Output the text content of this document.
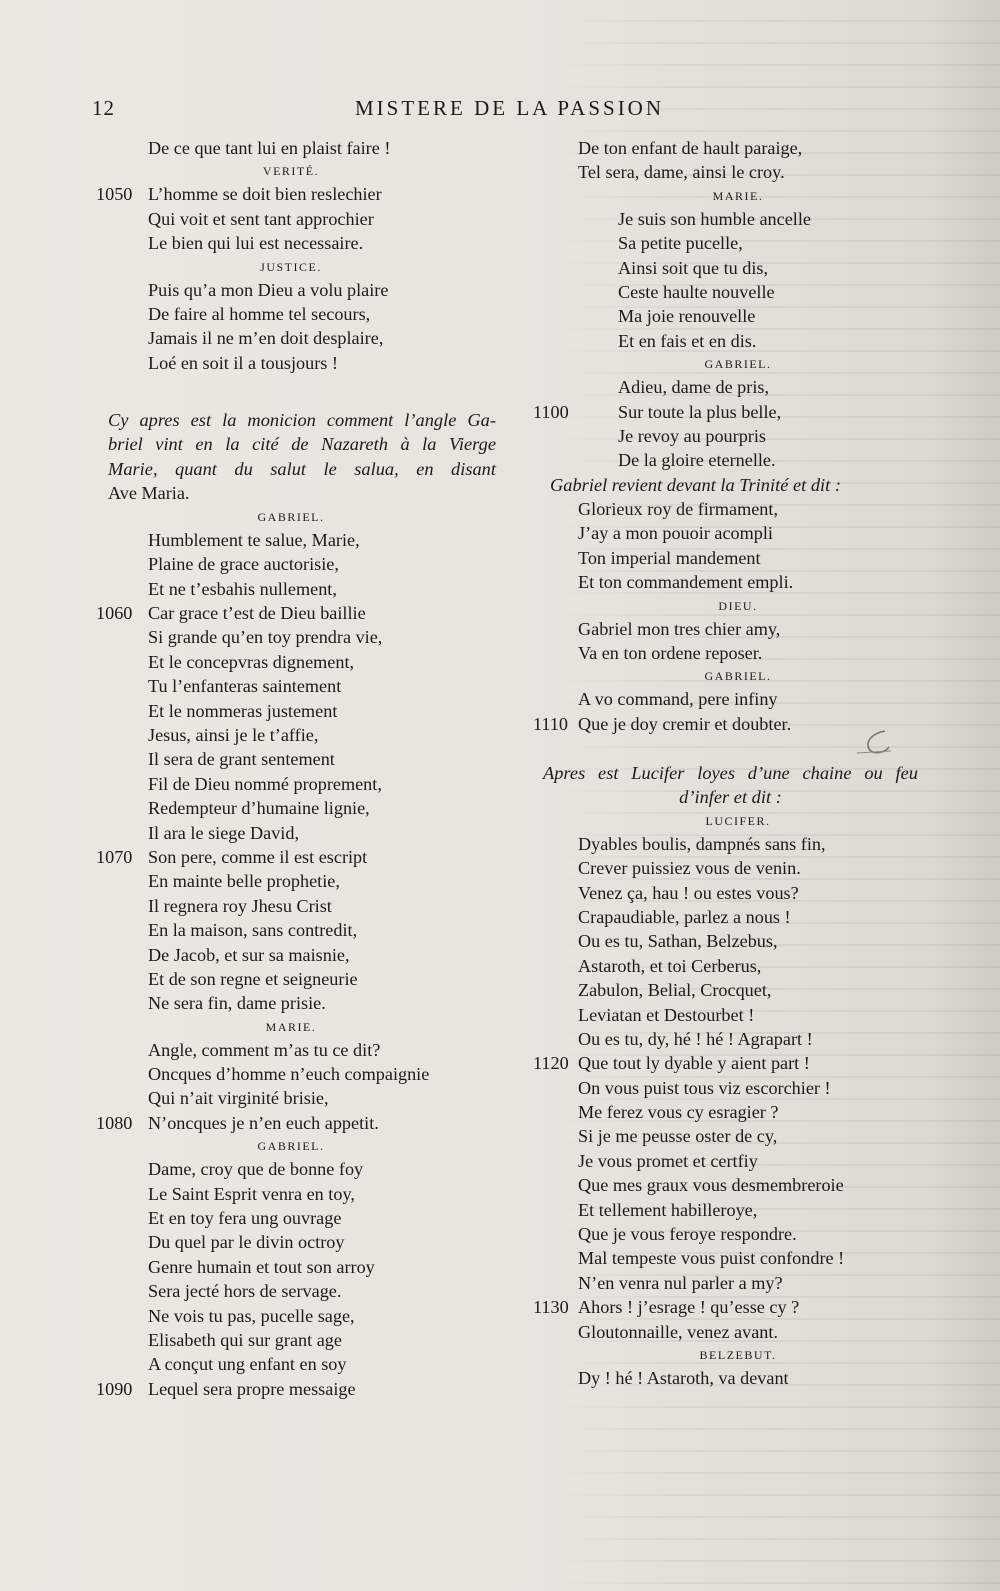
12	MISTERE DE LA PASSION
De ce que tant lui en plaist faire !
VERITÉ.
1050 L’homme se doit bien reslechier
Qui voit et sent tant approchier
Le bien qui lui est necessaire.
JUSTICE.
Puis qu’a mon Dieu a volu plaire
De faire al homme tel secours,
Jamais il ne m’en doit desplaire,
Loé en soit il a tousjours !
Cy apres est la monicion comment l’angle Ga-
briel vint en la cité de Nazareth à la Vierge
Marie, quant du salut le salua, en disant
Ave Maria.
GABRIEL.
Humblement te salue, Marie,
Plaine de grace auctorisie,
Et ne t’esbahis nullement,
1060 Car grace t’est de Dieu baillie
Si grande qu’en toy prendra vie,
Et le concepvras dignement,
Tu l’enfanteras saintement
Et le nommeras justement
Jesus, ainsi je le t’affie,
Il sera de grant sentement
Fil de Dieu nommé proprement,
Redempteur d’humaine lignie,
Il ara le siege David,
1070 Son pere, comme il est escript
En mainte belle prophetie,
Il regnera roy Jhesu Crist
En la maison, sans contredit,
De Jacob, et sur sa maisnie,
Et de son regne et seigneurie
Ne sera fin, dame prisie.
MARIE.
Angle, comment m’as tu ce dit?
Oncques d’homme n’euch compaignie
Qui n’ait virginité brisie,
1080 N’oncques je n’en euch appetit.
GABRIEL.
Dame, croy que de bonne foy
Le Saint Esprit venra en toy,
Et en toy fera ung ouvrage
Du quel par le divin octroy
Genre humain et tout son arroy
Sera jecté hors de servage.
Ne vois tu pas, pucelle sage,
Elisabeth qui sur grant age
A conçut ung enfant en soy
1090 Lequel sera propre messaige
De ton enfant de hault paraige,
Tel sera, dame, ainsi le croy.
MARIE.
Je suis son humble ancelle
Sa petite pucelle,
Ainsi soit que tu dis,
Ceste haulte nouvelle
Ma joie renouvelle
Et en fais et en dis.
GABRIEL.
Adieu, dame de pris,
1100	Sur toute la plus belle,
Je revoy au pourpris
De la gloire eternelle.
Gabriel revient devant la Trinité et dit :
Glorieux roy de firmament,
J’ay a mon pouoir acompli
Ton imperial mandement
Et ton commandement empli.
DIEU.
Gabriel mon tres chier amy,
Va en ton ordene reposer.
GABRIEL.
A vo command, pere infiny
1110 Que je doy cremir et doubter.
Apres est Lucifer loyes d’une chaine ou feu
d’infer et dit :
LUCIFER.
Dyables boulis, dampnés sans fin,
Crever puissiez vous de venin.
Venez ça, hau ! ou estes vous?
Crapaudiable, parlez a nous !
Ou es tu, Sathan, Belzebus,
Astaroth, et toi Cerberus,
Zabulon, Belial, Crocquet,
Leviatan et Destourbet !
Ou es tu, dy, hé ! hé ! Agrapart !
1120 Que tout ly dyable y aient part !
On vous puist tous viz escorchier !
Me ferez vous cy esragier ?
Si je me peusse oster de cy,
Je vous promet et certfiy
Que mes graux vous desmembreroie
Et tellement habilleroye,
Que je vous feroye respondre.
Mal tempeste vous puist confondre !
N’en venra nul parler a my?
1130 Ahors ! j’esrage ! qu’esse cy ?
Gloutonnaille, venez avant.
BELZEBUT.
Dy ! hé ! Astaroth, va devant
